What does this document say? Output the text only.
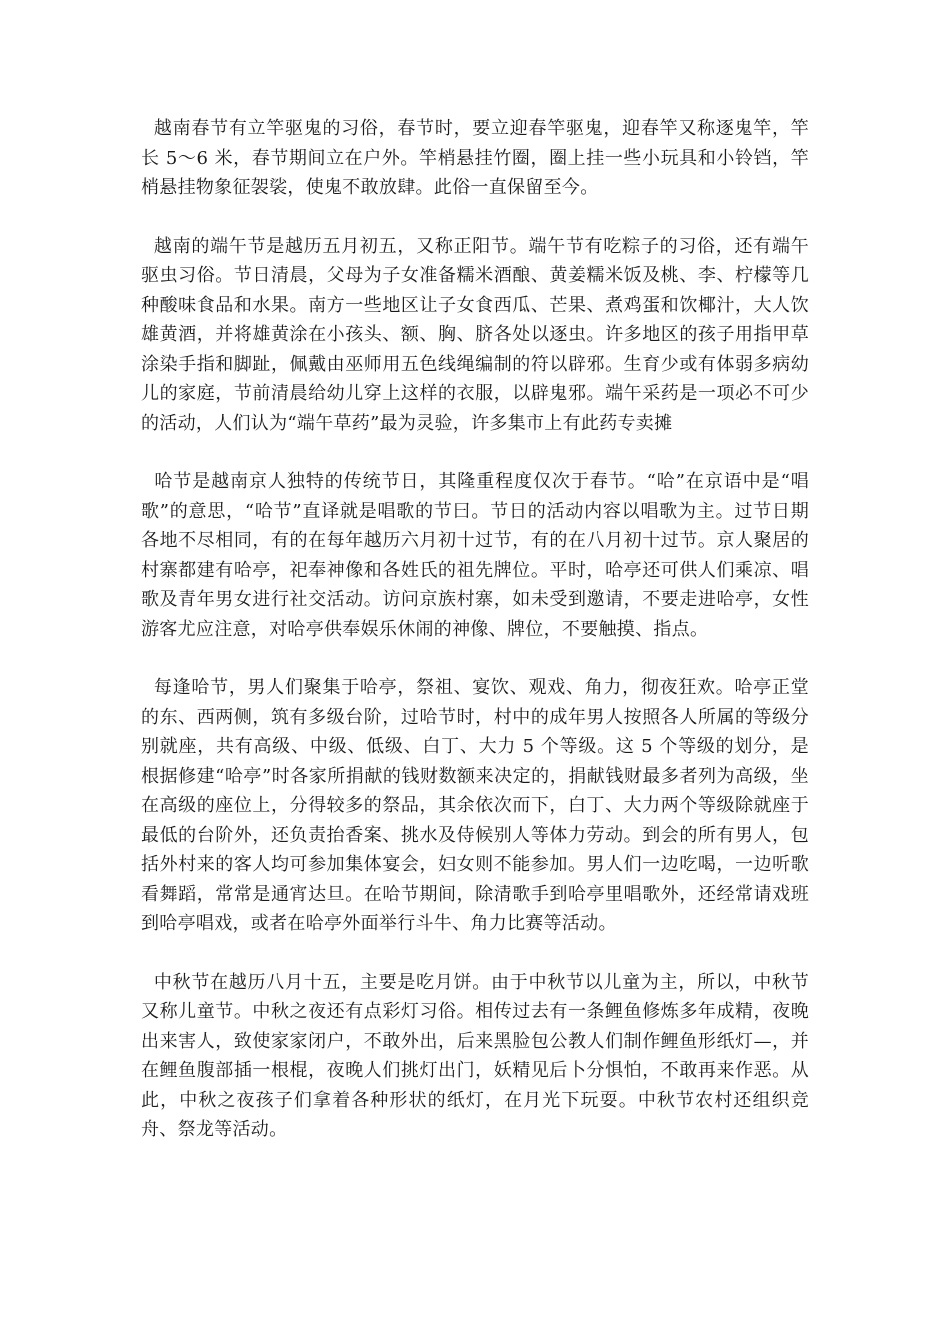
越南春节有立竿驱鬼的习俗，春节时，要立迎春竿驱鬼，迎春竿又称逐鬼竿，竿长 5～6 米，春节期间立在户外。竿梢悬挂竹圈，圈上挂一些小玩具和小铃铛，竿梢悬挂物象征袈裟，使鬼不敢放肆。此俗一直保留至今。

越南的端午节是越历五月初五，又称正阳节。端午节有吃粽子的习俗，还有端午驱虫习俗。节日清晨，父母为子女准备糯米酒酿、黄姜糯米饭及桃、李、柠檬等几种酸味食品和水果。南方一些地区让子女食西瓜、芒果、煮鸡蛋和饮椰汁，大人饮雄黄酒，并将雄黄涂在小孩头、额、胸、脐各处以逐虫。许多地区的孩子用指甲草涂染手指和脚趾，佩戴由巫师用五色线绳编制的符以辟邪。生育少或有体弱多病幼儿的家庭，节前清晨给幼儿穿上这样的衣服，以辟鬼邪。端午采药是一项必不可少的活动，人们认为“端午草药”最为灵验，许多集市上有此药专卖摊

哈节是越南京人独特的传统节日，其隆重程度仅次于春节。“哈”在京语中是“唱歌”的意思，“哈节”直译就是唱歌的节曰。节日的活动内容以唱歌为主。过节日期各地不尽相同，有的在每年越历六月初十过节，有的在八月初十过节。京人聚居的村寨都建有哈亭，祀奉神像和各姓氏的祖先牌位。平时，哈亭还可供人们乘凉、唱歌及青年男女进行社交活动。访问京族村寨，如未受到邀请，不要走进哈亭，女性游客尤应注意，对哈亭供奉娱乐休闹的神像、牌位，不要触摸、指点。

每逢哈节，男人们聚集于哈亭，祭祖、宴饮、观戏、角力，彻夜狂欢。哈亭正堂的东、西两侧，筑有多级台阶，过哈节时，村中的成年男人按照各人所属的等级分别就座，共有高级、中级、低级、白丁、大力 5 个等级。这 5 个等级的划分，是根据修建“哈亭”时各家所捐献的钱财数额来决定的，捐献钱财最多者列为高级，坐在高级的座位上，分得较多的祭品，其余依次而下，白丁、大力两个等级除就座于最低的台阶外，还负责抬香案、挑水及侍候别人等体力劳动。到会的所有男人，包括外村来的客人均可参加集体宴会，妇女则不能参加。男人们一边吃喝，一边听歌看舞蹈，常常是通宵达旦。在哈节期间，除清歌手到哈亭里唱歌外，还经常请戏班到哈亭唱戏，或者在哈亭外面举行斗牛、角力比赛等活动。

中秋节在越历八月十五，主要是吃月饼。由于中秋节以儿童为主，所以，中秋节又称儿童节。中秋之夜还有点彩灯习俗。相传过去有一条鲤鱼修炼多年成精，夜晚出来害人，致使家家闭户，不敢外出，后来黑脸包公教人们制作鲤鱼形纸灯—，并在鲤鱼腹部插一根棍，夜晚人们挑灯出门，妖精见后卜分惧怕，不敢再来作恶。从此，中秋之夜孩子们拿着各种形状的纸灯，在月光下玩耍。中秋节农村还组织竞舟、祭龙等活动。
